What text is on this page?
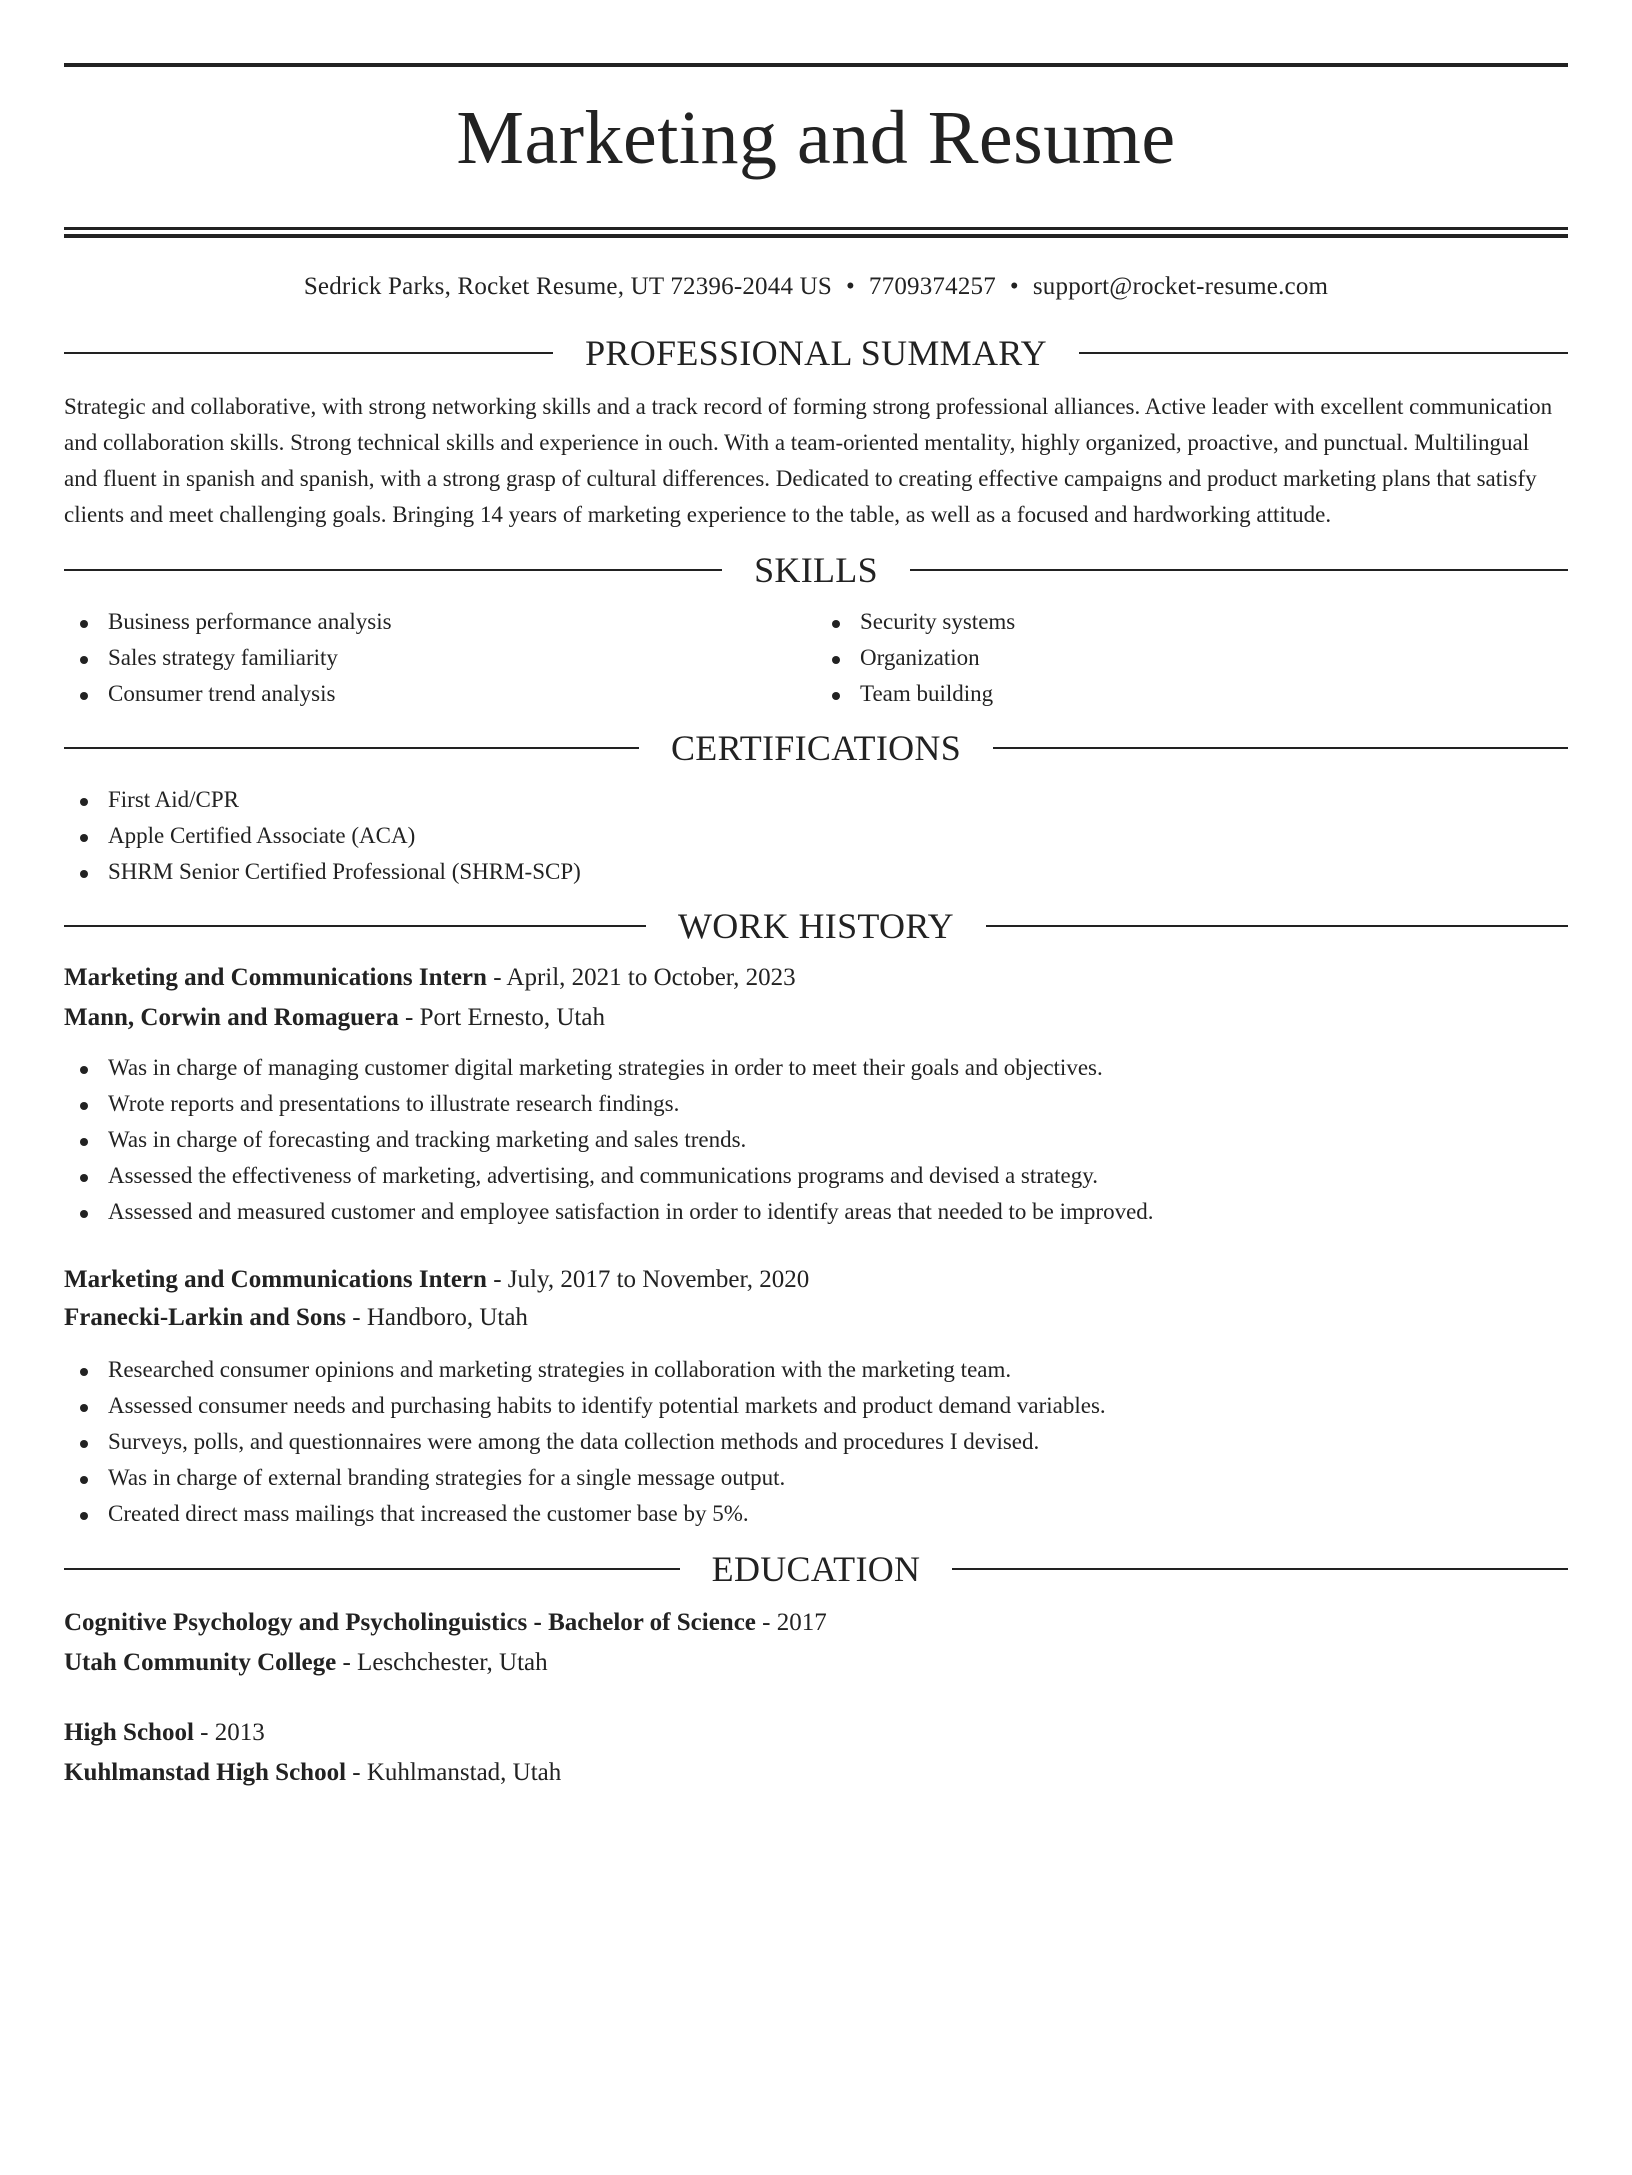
Marketing and Resume
Sedrick Parks, Rocket Resume, UT 72396-2044 US • 7709374257 • support@rocket-resume.com
PROFESSIONAL SUMMARY

Strategic and collaborative, with strong networking skills and a track record of forming strong professional alliances. Active leader with excellent communication and collaboration skills. Strong technical skills and experience in ouch. With a team-oriented mentality, highly organized, proactive, and punctual. Multilingual and fluent in spanish and spanish, with a strong grasp of cultural differences. Dedicated to creating effective campaigns and product marketing plans that satisfy clients and meet challenging goals. Bringing 14 years of marketing experience to the table, as well as a focused and hardworking attitude.

SKILLS
Business performance analysis
Sales strategy familiarity
Consumer trend analysis
Security systems
Organization
Team building
CERTIFICATIONS
First Aid/CPR
Apple Certified Associate (ACA)
SHRM Senior Certified Professional (SHRM-SCP)
WORK HISTORY
Marketing and Communications Intern - April, 2021 to October, 2023
Mann, Corwin and Romaguera - Port Ernesto, Utah
Was in charge of managing customer digital marketing strategies in order to meet their goals and objectives.
Wrote reports and presentations to illustrate research findings.
Was in charge of forecasting and tracking marketing and sales trends.
Assessed the effectiveness of marketing, advertising, and communications programs and devised a strategy.
Assessed and measured customer and employee satisfaction in order to identify areas that needed to be improved.
Marketing and Communications Intern - July, 2017 to November, 2020
Franecki-Larkin and Sons - Handboro, Utah
Researched consumer opinions and marketing strategies in collaboration with the marketing team.
Assessed consumer needs and purchasing habits to identify potential markets and product demand variables.
Surveys, polls, and questionnaires were among the data collection methods and procedures I devised.
Was in charge of external branding strategies for a single message output.
Created direct mass mailings that increased the customer base by 5%.
EDUCATION
Cognitive Psychology and Psycholinguistics - Bachelor of Science - 2017
Utah Community College - Leschchester, Utah
High School - 2013
Kuhlmanstad High School - Kuhlmanstad, Utah
